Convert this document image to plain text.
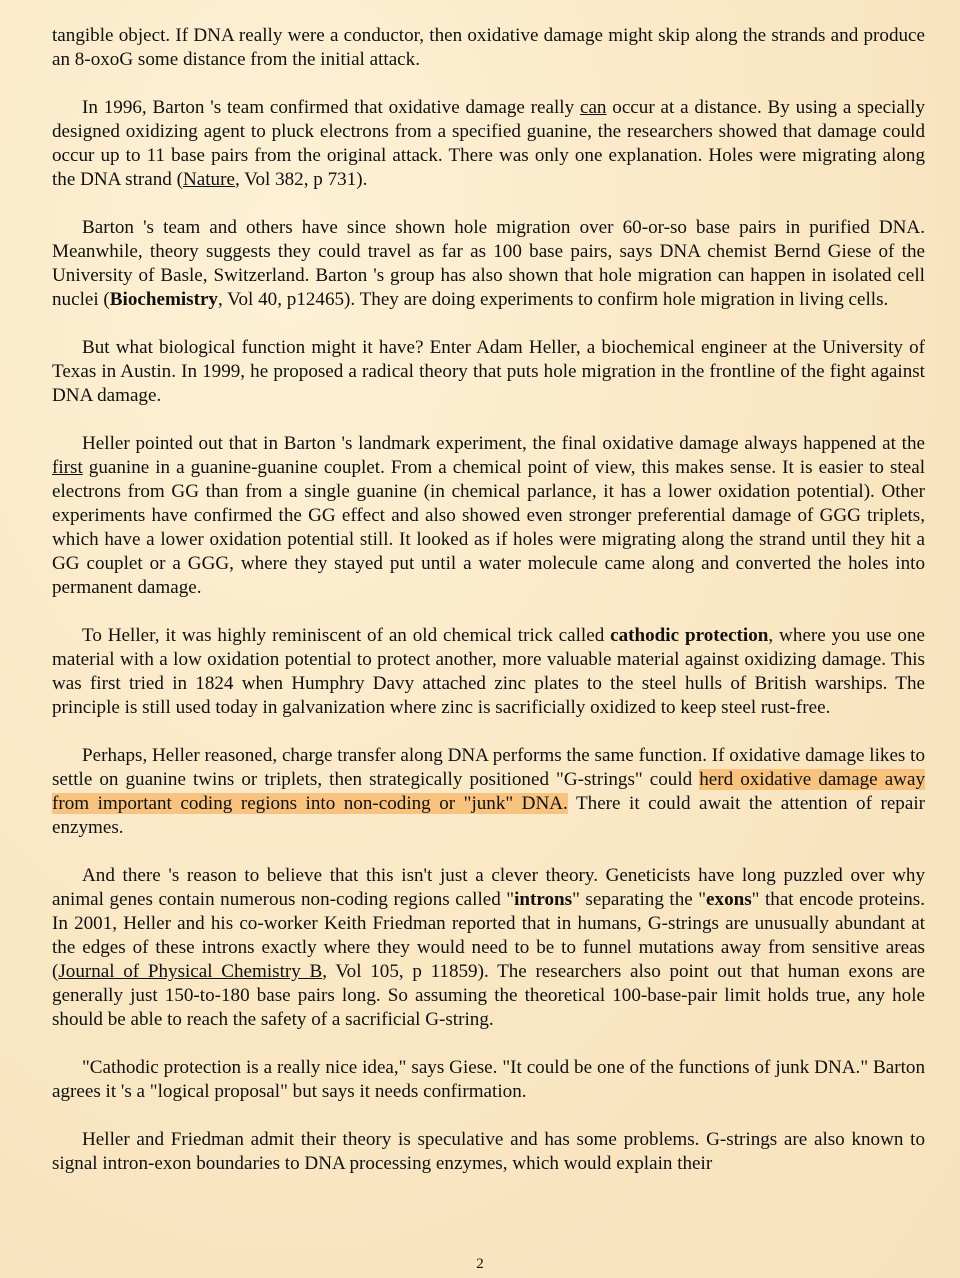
tangible object. If DNA really were a conductor, then oxidative damage might skip along the strands and produce an 8-oxoG some distance from the initial attack.

In 1996, Barton 's team confirmed that oxidative damage really can occur at a distance. By using a specially designed oxidizing agent to pluck electrons from a specified guanine, the researchers showed that damage could occur up to 11 base pairs from the original attack. There was only one explanation. Holes were migrating along the DNA strand (Nature, Vol 382, p 731).

Barton 's team and others have since shown hole migration over 60-or-so base pairs in purified DNA. Meanwhile, theory suggests they could travel as far as 100 base pairs, says DNA chemist Bernd Giese of the University of Basle, Switzerland. Barton 's group has also shown that hole migration can happen in isolated cell nuclei (Biochemistry, Vol 40, p12465). They are doing experiments to confirm hole migration in living cells.

But what biological function might it have? Enter Adam Heller, a biochemical engineer at the University of Texas in Austin. In 1999, he proposed a radical theory that puts hole migration in the frontline of the fight against DNA damage.

Heller pointed out that in Barton 's landmark experiment, the final oxidative damage always happened at the first guanine in a guanine-guanine couplet. From a chemical point of view, this makes sense. It is easier to steal electrons from GG than from a single guanine (in chemical parlance, it has a lower oxidation potential). Other experiments have confirmed the GG effect and also showed even stronger preferential damage of GGG triplets, which have a lower oxidation potential still. It looked as if holes were migrating along the strand until they hit a GG couplet or a GGG, where they stayed put until a water molecule came along and converted the holes into permanent damage.

To Heller, it was highly reminiscent of an old chemical trick called cathodic protection, where you use one material with a low oxidation potential to protect another, more valuable material against oxidizing damage. This was first tried in 1824 when Humphry Davy attached zinc plates to the steel hulls of British warships. The principle is still used today in galvanization where zinc is sacrificially oxidized to keep steel rust-free.

Perhaps, Heller reasoned, charge transfer along DNA performs the same function. If oxidative damage likes to settle on guanine twins or triplets, then strategically positioned "G-strings" could herd oxidative damage away from important coding regions into non-coding or "junk" DNA. There it could await the attention of repair enzymes.

And there 's reason to believe that this isn't just a clever theory. Geneticists have long puzzled over why animal genes contain numerous non-coding regions called "introns" separating the "exons" that encode proteins. In 2001, Heller and his co-worker Keith Friedman reported that in humans, G-strings are unusually abundant at the edges of these introns exactly where they would need to be to funnel mutations away from sensitive areas (Journal of Physical Chemistry B, Vol 105, p 11859). The researchers also point out that human exons are generally just 150-to-180 base pairs long. So assuming the theoretical 100-base-pair limit holds true, any hole should be able to reach the safety of a sacrificial G-string.

"Cathodic protection is a really nice idea," says Giese. "It could be one of the functions of junk DNA." Barton agrees it 's a "logical proposal" but says it needs confirmation.

Heller and Friedman admit their theory is speculative and has some problems. G-strings are also known to signal intron-exon boundaries to DNA processing enzymes, which would explain their

2
